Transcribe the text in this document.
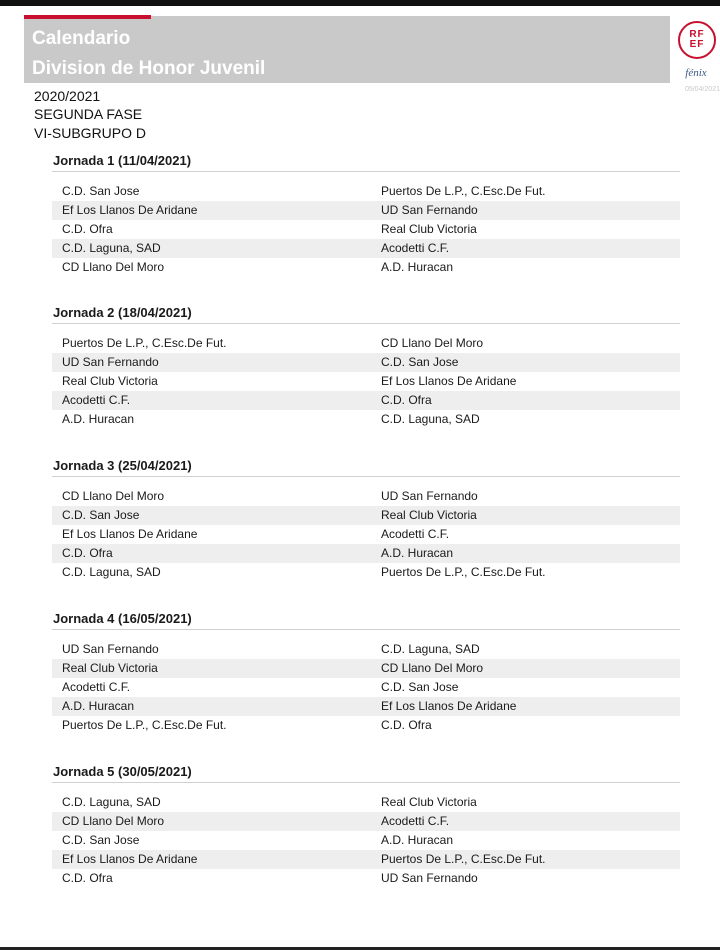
Calendario
Division de Honor Juvenil
RF
EF
fénix
05/04/2021
2020/2021
SEGUNDA FASE
VI-SUBGRUPO D
Jornada 1 (11/04/2021)
C.D. San Jose	Puertos De L.P., C.Esc.De Fut.
Ef Los Llanos De Aridane	UD San Fernando
C.D. Ofra	Real Club Victoria
C.D. Laguna, SAD	Acodetti C.F.
CD Llano Del Moro	A.D. Huracan
Jornada 2 (18/04/2021)
Puertos De L.P., C.Esc.De Fut.	CD Llano Del Moro
UD San Fernando	C.D. San Jose
Real Club Victoria	Ef Los Llanos De Aridane
Acodetti C.F.	C.D. Ofra
A.D. Huracan	C.D. Laguna, SAD
Jornada 3 (25/04/2021)
CD Llano Del Moro	UD San Fernando
C.D. San Jose	Real Club Victoria
Ef Los Llanos De Aridane	Acodetti C.F.
C.D. Ofra	A.D. Huracan
C.D. Laguna, SAD	Puertos De L.P., C.Esc.De Fut.
Jornada 4 (16/05/2021)
UD San Fernando	C.D. Laguna, SAD
Real Club Victoria	CD Llano Del Moro
Acodetti C.F.	C.D. San Jose
A.D. Huracan	Ef Los Llanos De Aridane
Puertos De L.P., C.Esc.De Fut.	C.D. Ofra
Jornada 5 (30/05/2021)
C.D. Laguna, SAD	Real Club Victoria
CD Llano Del Moro	Acodetti C.F.
C.D. San Jose	A.D. Huracan
Ef Los Llanos De Aridane	Puertos De L.P., C.Esc.De Fut.
C.D. Ofra	UD San Fernando
